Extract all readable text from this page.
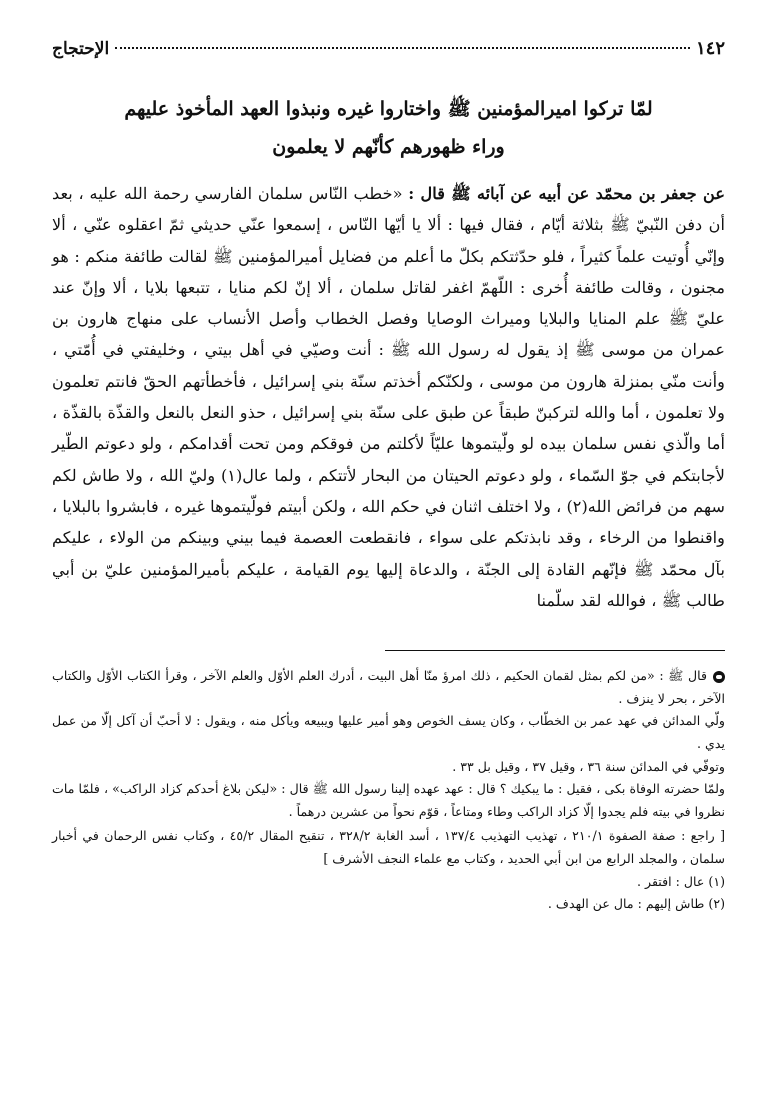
١٤٢
الإحتجاج
لمّا تركوا اميرالمؤمنين ﷺ واختاروا غيره ونبذوا العهد المأخوذ عليهم
وراء ظهورهم كأنّهم لا يعلمون

عن جعفر بن محمّد عن أبيه عن آبائه ﷺ قال : «خطب النّاس سلمان الفارسي رحمة الله عليه ، بعد أن دفن النّبيّ ﷺ بثلاثة أيّام ، فقال فيها : ألا يا أيّها النّاس ، إسمعوا عنّي حديثي ثمّ اعقلوه عنّي ، ألا وإنّي أُوتيت علماً كثيراً ، فلو حدّثتكم بكلّ ما أعلم من فضايل أميرالمؤمنين ﷺ لقالت طائفة منكم : هو مجنون ، وقالت طائفة أُخرى : اللّهمّ اغفر لقاتل سلمان ، ألا إنّ لكم منايا ، تتبعها بلايا ، ألا وإنّ عند عليّ ﷺ علم المنايا والبلايا وميراث الوصايا وفصل الخطاب وأصل الأنساب على منهاج هارون بن عمران من موسى ﷺ إذ يقول له رسول الله ﷺ : أنت وصيّي في أهل بيتي ، وخليفتي في أُمّتي ، وأنت منّي بمنزلة هارون من موسى ، ولكنّكم أخذتم سنّة بني إسرائيل ، فأخطأتهم الحقّ فانتم تعلمون ولا تعلمون ، أما والله لتركبنّ طبقاً عن طبق على سنّة بني إسرائيل ، حذو النعل بالنعل والقذّة بالقذّة ، أما والّذي نفس سلمان بيده لو ولّيتموها عليّاً لأكلتم من فوقكم ومن تحت أقدامكم ، ولو دعوتم الطّير لأجابتكم في جوّ السّماء ، ولو دعوتم الحيتان من البحار لأتتكم ، ولما عال(١) وليّ الله ، ولا طاش لكم سهم من فرائض الله(٢) ، ولا اختلف اثنان في حكم الله ، ولكن أبيتم فولّيتموها غيره ، فابشروا بالبلايا ، واقنطوا من الرخاء ، وقد نابذتكم على سواء ، فانقطعت العصمة فيما بيني وبينكم من الولاء ، عليكم بآل محمّد ﷺ فإنّهم القادة إلى الجنّة ، والدعاة إليها يوم القيامة ، عليكم بأميرالمؤمنين عليّ بن أبي طالب ﷺ ، فوالله لقد سلّمنا

قال ﷺ : «من لكم بمثل لقمان الحكيم ، ذلك امرؤ منّا أهل البيت ، أدرك العلم الأوّل والعلم الآخر ، وقرأ الكتاب الأوّل والكتاب الآخر ، بحر لا ينزف .

ولّي المدائن في عهد عمر بن الخطّاب ، وكان يسف الخوص وهو أمير عليها ويبيعه ويأكل منه ، ويقول : لا أحبّ أن آكل إلّا من عمل يدي .

وتوفّي في المدائن سنة ٣٦ ، وقيل ٣٧ ، وقيل بل ٣٣ .

ولمّا حضرته الوفاة بكى ، فقيل : ما يبكيك ؟ قال : عهد عهده إلينا رسول الله ﷺ قال : «ليكن بلاغ أحدكم كزاد الراكب» ، فلمّا مات نظروا في بيته فلم يجدوا إلّا كزاد الراكب وطاء ومتاعاً ، قوّم نحواً من عشرين درهماً .

[ راجع : صفة الصفوة ٢١٠/١ ، تهذيب التهذيب ١٣٧/٤ ، أسد الغابة ٣٢٨/٢ ، تنقيح المقال ٤٥/٢ ، وكتاب نفس الرحمان في أخبار سلمان ، والمجلد الرابع من ابن أبي الحديد ، وكتاب مع علماء النجف الأشرف ]

(١) عال : افتقر .

(٢) طاش إليهم : مال عن الهدف .
